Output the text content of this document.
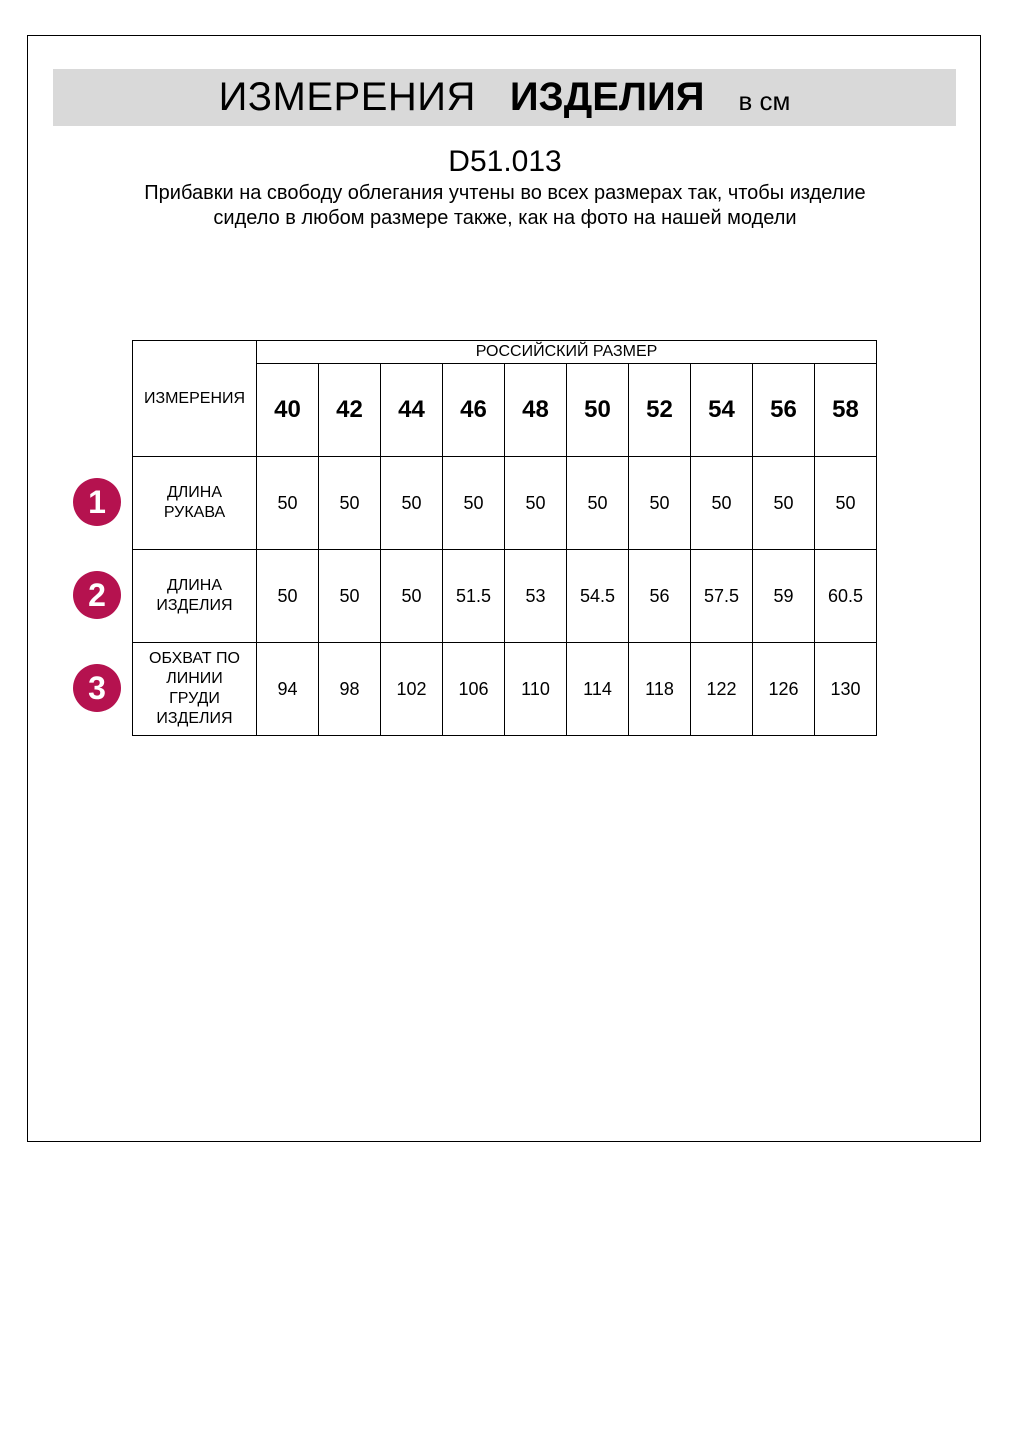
ИЗМЕРЕНИЯ ИЗДЕЛИЯ в см
D51.013
Прибавки на свободу облегания учтены во всех размерах так, чтобы изделие сидело в любом размере также, как на фото на нашей модели
ИЗМЕРЕНИЯ	РОССИЙСКИЙ РАЗМЕР									
	40	42	44	46	48	50	52	54	56	58

ДЛИНА
РУКАВА	50	50	50	50	50	50	50	50	50	50

ДЛИНА
ИЗДЕЛИЯ	50	50	50	51.5	53	54.5	56	57.5	59	60.5

ОБХВАТ ПО
ЛИНИИ
ГРУДИ
ИЗДЕЛИЯ	94	98	102	106	110	114	118	122	126	130
1
2
3
